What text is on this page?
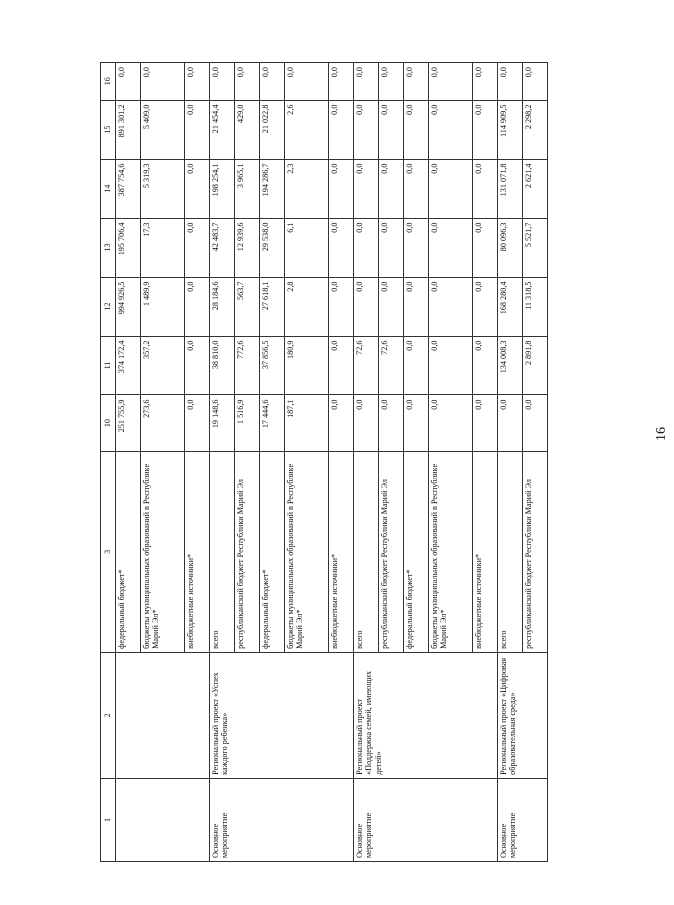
16
1	2	3	10	11	12	13	14	15	16
		федеральный бюджет*	251 755,9	374 172,4	994 926,5	195 706,4	387 754,6	891 301,2	0,0
		бюджеты муниципальных образований в Республике Марий Эл*	273,6	357,2	1 489,9	17,3	5 319,3	5 409,0	0,0
		внебюджетные источники*	0,0	0,0	0,0	0,0	0,0	0,0	0,0
Основное мероприятие	Региональный проект «Успех каждого ребенка»	всего	19 148,6	38 810,0	28 184,6	42 483,7	198 254,1	21 454,4	0,0
		республиканский бюджет Республики Марий Эл	1 516,9	772,6	563,7	12 939,6	3 965,1	429,0	0,0
		федеральный бюджет*	17 444,6	37 856,5	27 618,1	29 538,0	194 286,7	21 022,8	0,0
		бюджеты муниципальных образований в Республике Марий Эл*	187,1	180,9	2,8	6,1	2,3	2,6	0,0
		внебюджетные источники*	0,0	0,0	0,0	0,0	0,0	0,0	0,0
Основное мероприятие	Региональный проект «Поддержка семей, имеющих детей»	всего	0,0	72,6	0,0	0,0	0,0	0,0	0,0
		республиканский бюджет Республики Марий Эл	0,0	72,6	0,0	0,0	0,0	0,0	0,0
		федеральный бюджет*	0,0	0,0	0,0	0,0	0,0	0,0	0,0
		бюджеты муниципальных образований в Республике Марий Эл*	0,0	0,0	0,0	0,0	0,0	0,0	0,0
		внебюджетные источники*	0,0	0,0	0,0	0,0	0,0	0,0	0,0
Основное мероприятие	Региональный проект «Цифровая образовательная среда»	всего	0,0	134 008,3	168 280,4	80 096,3	131 071,8	114 909,5	0,0
		республиканский бюджет Республики Марий Эл	0,0	2 891,8	11 318,5	5 521,7	2 621,4	2 298,2	0,0
